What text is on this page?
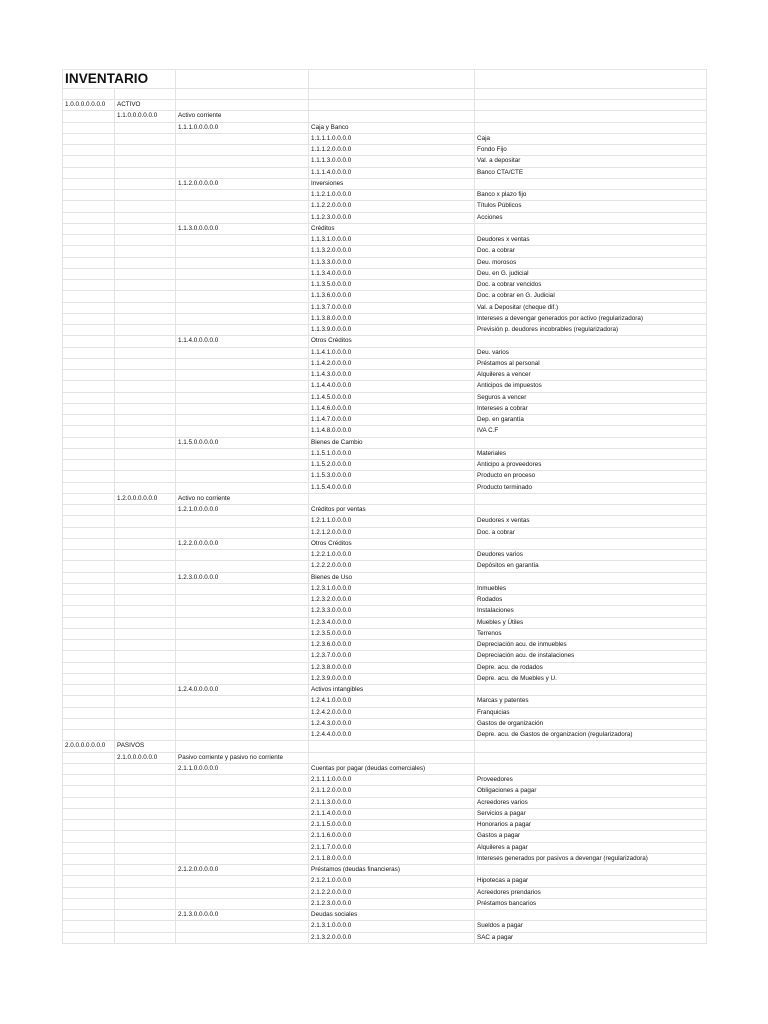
INVENTARIO				

1.0.0.0.0.0.0.0	ACTIVO			
	1.1.0.0.0.0.0.0	Activo corriente		
		1.1.1.0.0.0.0.0	Caja y Banco	
			1.1.1.1.0.0.0.0	Caja
			1.1.1.2.0.0.0.0	Fondo Fijo
			1.1.1.3.0.0.0.0	Val. a depositar
			1.1.1.4.0.0.0.0	Banco CTA/CTE
		1.1.2.0.0.0.0.0	Inversiones	
			1.1.2.1.0.0.0.0	Banco x plazo fijo
			1.1.2.2.0.0.0.0	Títulos Públicos
			1.1.2.3.0.0.0.0	Acciones
		1.1.3.0.0.0.0.0	Créditos	
			1.1.3.1.0.0.0.0	Deudores x ventas
			1.1.3.2.0.0.0.0	Doc. a cobrar
			1.1.3.3.0.0.0.0	Deu. morosos
			1.1.3.4.0.0.0.0	Deu. en G. judicial
			1.1.3.5.0.0.0.0	Doc. a cobrar vencidos
			1.1.3.6.0.0.0.0	Doc. a cobrar en G. Judicial
			1.1.3.7.0.0.0.0	Val. a Depositar (cheque dif.)
			1.1.3.8.0.0.0.0	Intereses a devengar generados por activo (regularizadora)
			1.1.3.9.0.0.0.0	Previsión p. deudores incobrables (regularizadora)
		1.1.4.0.0.0.0.0	Otros Créditos	
			1.1.4.1.0.0.0.0	Deu. varios
			1.1.4.2.0.0.0.0	Préstamos al personal
			1.1.4.3.0.0.0.0	Alquileres a vencer
			1.1.4.4.0.0.0.0	Anticipos de impuestos
			1.1.4.5.0.0.0.0	Seguros a vencer
			1.1.4.6.0.0.0.0	Intereses a cobrar
			1.1.4.7.0.0.0.0	Dep. en garantía
			1.1.4.8.0.0.0.0	IVA C.F
		1.1.5.0.0.0.0.0	Bienes de Cambio	
			1.1.5.1.0.0.0.0	Materiales
			1.1.5.2.0.0.0.0	Anticipo a proveedores
			1.1.5.3.0.0.0.0	Producto en proceso
			1.1.5.4.0.0.0.0	Producto terminado
	1.2.0.0.0.0.0.0	Activo no corriente		
		1.2.1.0.0.0.0.0	Créditos por ventas	
			1.2.1.1.0.0.0.0	Deudores x ventas
			1.2.1.2.0.0.0.0	Doc. a cobrar
		1.2.2.0.0.0.0.0	Otros Créditos	
			1.2.2.1.0.0.0.0	Deudores varios
			1.2.2.2.0.0.0.0	Depósitos en garantía
		1.2.3.0.0.0.0.0	Bienes de Uso	
			1.2.3.1.0.0.0.0	Inmuebles
			1.2.3.2.0.0.0.0	Rodados
			1.2.3.3.0.0.0.0	Instalaciones
			1.2.3.4.0.0.0.0	Muebles y Útiles
			1.2.3.5.0.0.0.0	Terrenos
			1.2.3.6.0.0.0.0	Depreciación acu. de inmuebles
			1.2.3.7.0.0.0.0	Depreciación acu. de instalaciones
			1.2.3.8.0.0.0.0	Depre. acu. de rodados
			1.2.3.9.0.0.0.0	Depre. acu. de Muebles y U.
		1.2.4.0.0.0.0.0	Activos intangibles	
			1.2.4.1.0.0.0.0	Marcas y patentes
			1.2.4.2.0.0.0.0	Franquicias
			1.2.4.3.0.0.0.0	Gastos de organización
			1.2.4.4.0.0.0.0	Depre. acu. de Gastos de organizacion (regularizadora)
2.0.0.0.0.0.0.0	PASIVOS			
	2.1.0.0.0.0.0.0	Pasivo corriente y pasivo no corriente		
		2.1.1.0.0.0.0.0	Cuentas por pagar (deudas comerciales)	
			2.1.1.1.0.0.0.0	Proveedores
			2.1.1.2.0.0.0.0	Obligaciones a pagar
			2.1.1.3.0.0.0.0	Acreedores varios
			2.1.1.4.0.0.0.0	Servicios a pagar
			2.1.1.5.0.0.0.0	Honorarios a pagar
			2.1.1.6.0.0.0.0	Gastos a pagar
			2.1.1.7.0.0.0.0	Alquileres a pagar
			2.1.1.8.0.0.0.0	Intereses generados por pasivos a devengar (regularizadora)
		2.1.2.0.0.0.0.0	Préstamos (deudas financieras)	
			2.1.2.1.0.0.0.0	Hipotecas a pagar
			2.1.2.2.0.0.0.0	Acreedores prendarios
			2.1.2.3.0.0.0.0	Préstamos bancarios
		2.1.3.0.0.0.0.0	Deudas sociales	
			2.1.3.1.0.0.0.0	Sueldos a pagar
			2.1.3.2.0.0.0.0	SAC a pagar
